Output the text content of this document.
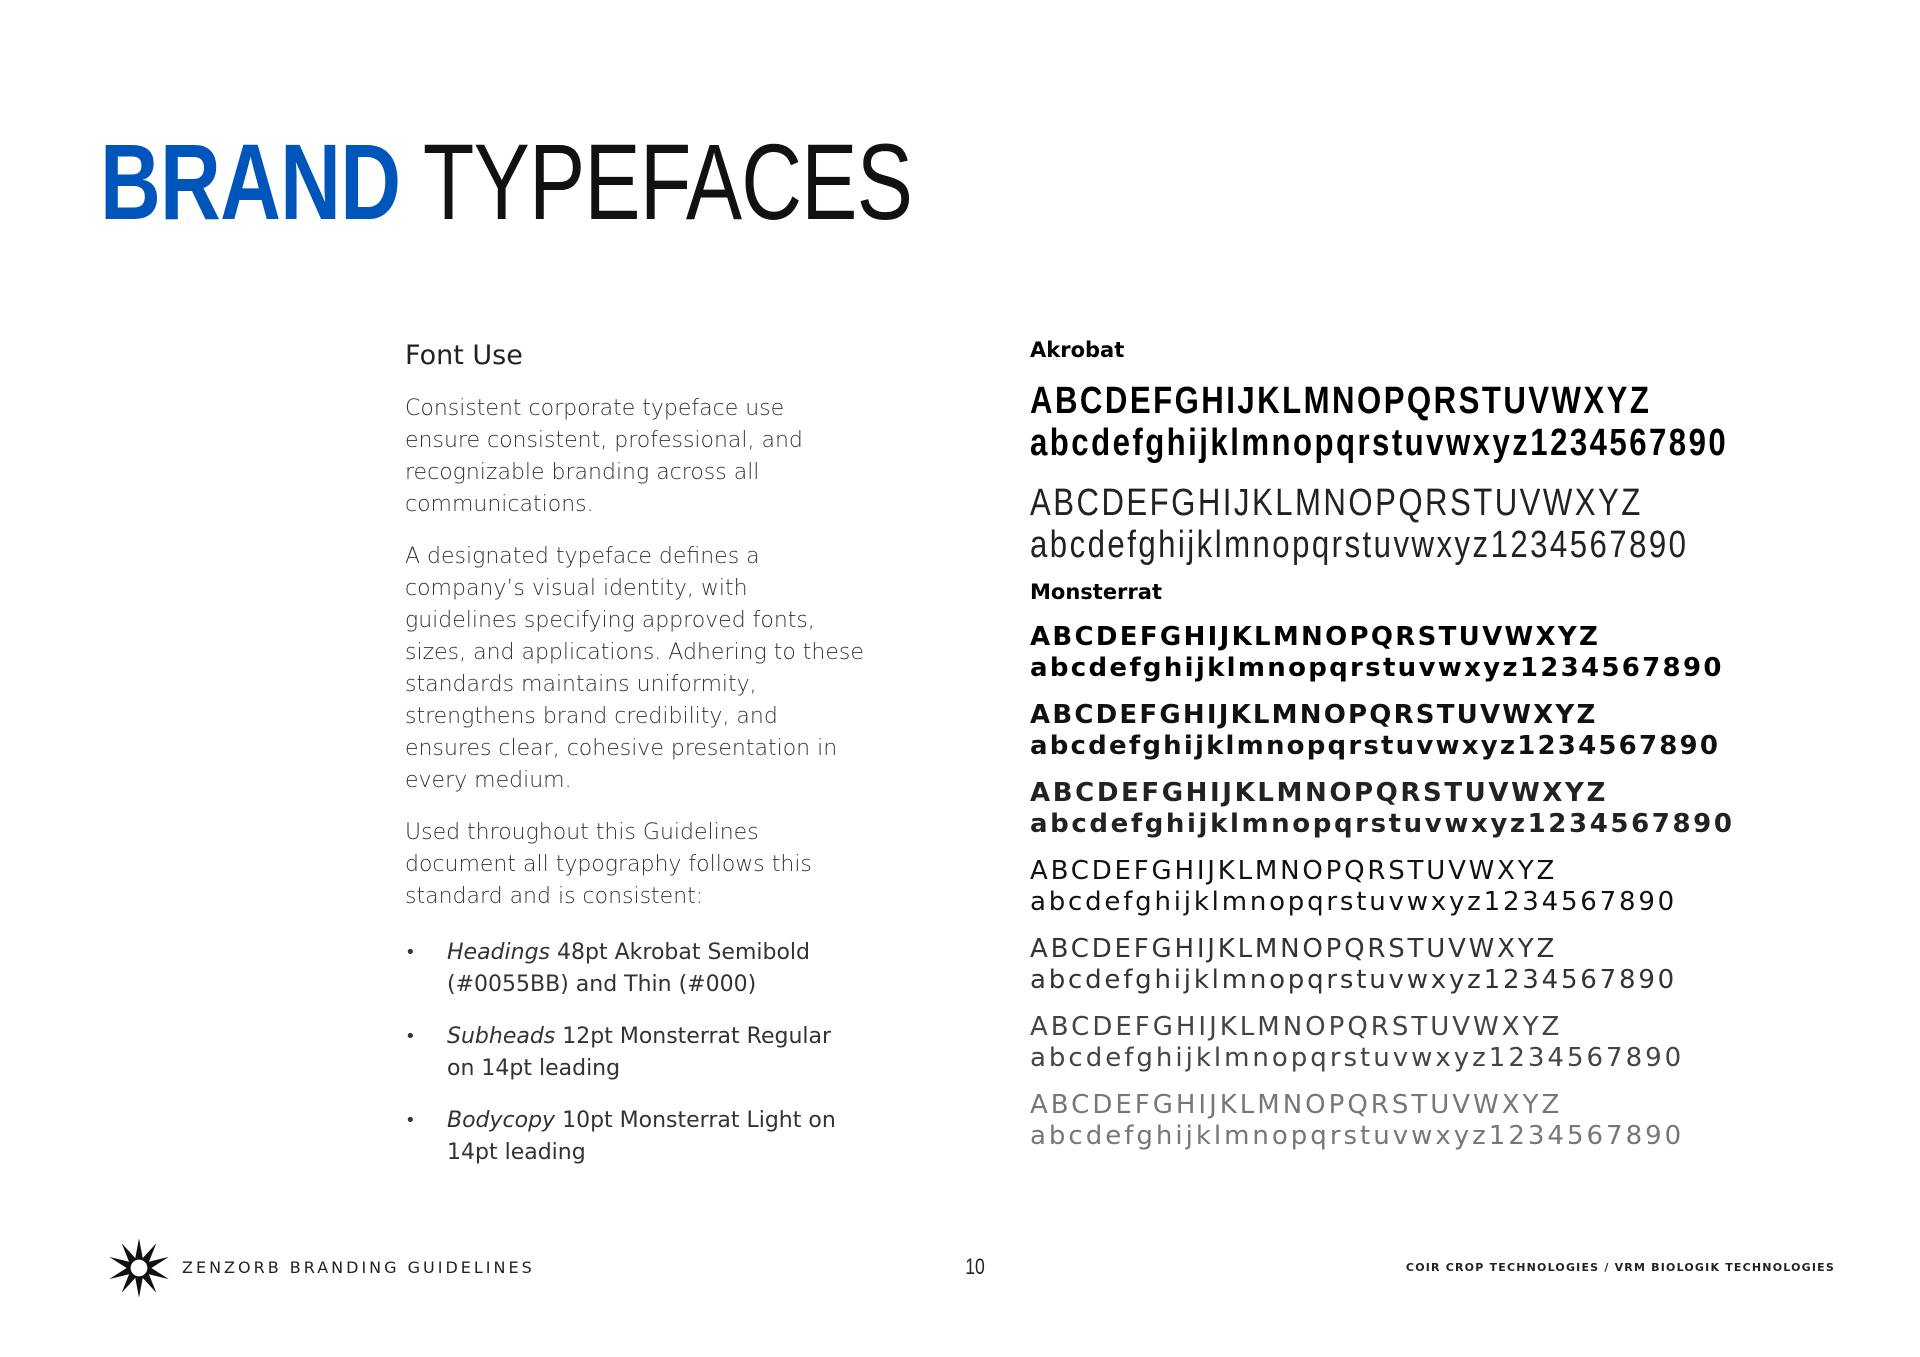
BRAND TYPEFACES
Font Use

Consistent corporate typeface use ensure consistent, professional, and recognizable branding across all communications.

A designated typeface defines a company’s visual identity, with guidelines specifying approved fonts, sizes, and applications. Adhering to these standards maintains uniformity, strengthens brand credibility, and ensures clear, cohesive presentation in every medium.

Used throughout this Guidelines document all typography follows this standard and is consistent:

• Headings 48pt Akrobat Semibold (#0055BB) and Thin (#000)
• Subheads 12pt Monsterrat Regular on 14pt leading
• Bodycopy 10pt Monsterrat Light on 14pt leading

Akrobat

ABCDEFGHIJKLMNOPQRSTUVWXYZ
abcdefghijklmnopqrstuvwxyz1234567890
ABCDEFGHIJKLMNOPQRSTUVWXYZ
abcdefghijklmnopqrstuvwxyz1234567890

Monsterrat

ABCDEFGHIJKLMNOPQRSTUVWXYZ
abcdefghijklmnopqrstuvwxyz1234567890
ABCDEFGHIJKLMNOPQRSTUVWXYZ
abcdefghijklmnopqrstuvwxyz1234567890
ABCDEFGHIJKLMNOPQRSTUVWXYZ
abcdefghijklmnopqrstuvwxyz1234567890
ABCDEFGHIJKLMNOPQRSTUVWXYZ
abcdefghijklmnopqrstuvwxyz1234567890
ABCDEFGHIJKLMNOPQRSTUVWXYZ
abcdefghijklmnopqrstuvwxyz1234567890
ABCDEFGHIJKLMNOPQRSTUVWXYZ
abcdefghijklmnopqrstuvwxyz1234567890
ABCDEFGHIJKLMNOPQRSTUVWXYZ
abcdefghijklmnopqrstuvwxyz1234567890
ZENZORB BRANDING GUIDELINES	10	COIR CROP TECHNOLOGIES / VRM BIOLOGIK TECHNOLOGIES
